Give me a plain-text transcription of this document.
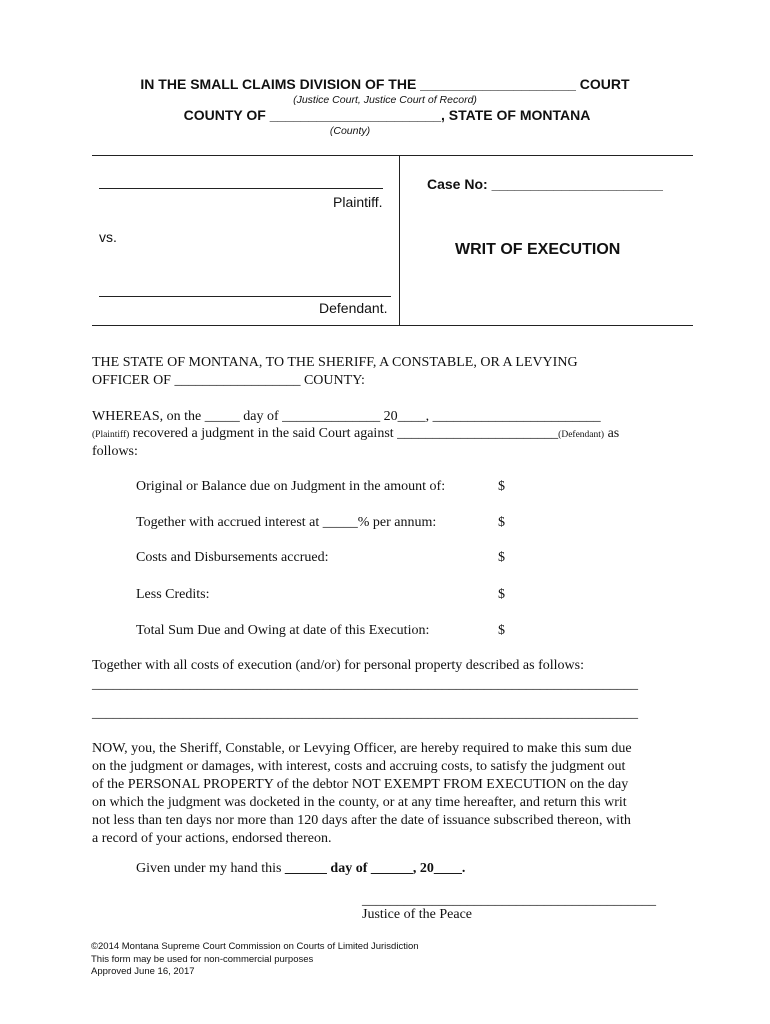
IN THE SMALL CLAIMS DIVISION OF THE ____________________ COURT
(Justice Court, Justice Court of Record)
COUNTY OF ______________________, STATE OF MONTANA
(County)
Plaintiff.
vs.
Defendant.
Case No: ______________________
WRIT OF EXECUTION
THE STATE OF MONTANA, TO THE SHERIFF, A CONSTABLE, OR A LEVYING
OFFICER OF __________________ COUNTY:
WHEREAS, on the _____ day of ______________ 20____, ________________________
(Plaintiff) recovered a judgment in the said Court against _______________________(Defendant) as
follows:
Original or Balance due on Judgment in the amount of:	$
Together with accrued interest at _____% per annum:	$
Costs and Disbursements accrued:	$
Less Credits:	$
Total Sum Due and Owing at date of this Execution:	$
Together with all costs of execution (and/or) for personal property described as follows:
______________________________________________________________________________
______________________________________________________________________________
NOW, you, the Sheriff, Constable, or Levying Officer, are hereby required to make this sum due
on the judgment or damages, with interest, costs and accruing costs, to satisfy the judgment out
of the PERSONAL PROPERTY of the debtor NOT EXEMPT FROM EXECUTION on the day
on which the judgment was docketed in the county, or at any time hereafter, and return this writ
not less than ten days nor more than 120 days after the date of issuance subscribed thereon, with
a record of your actions, endorsed thereon.
Given under my hand this ______ day of ______, 20____.
__________________________________________
Justice of the Peace
©2014 Montana Supreme Court Commission on Courts of Limited Jurisdiction
This form may be used for non-commercial purposes
Approved June 16, 2017
